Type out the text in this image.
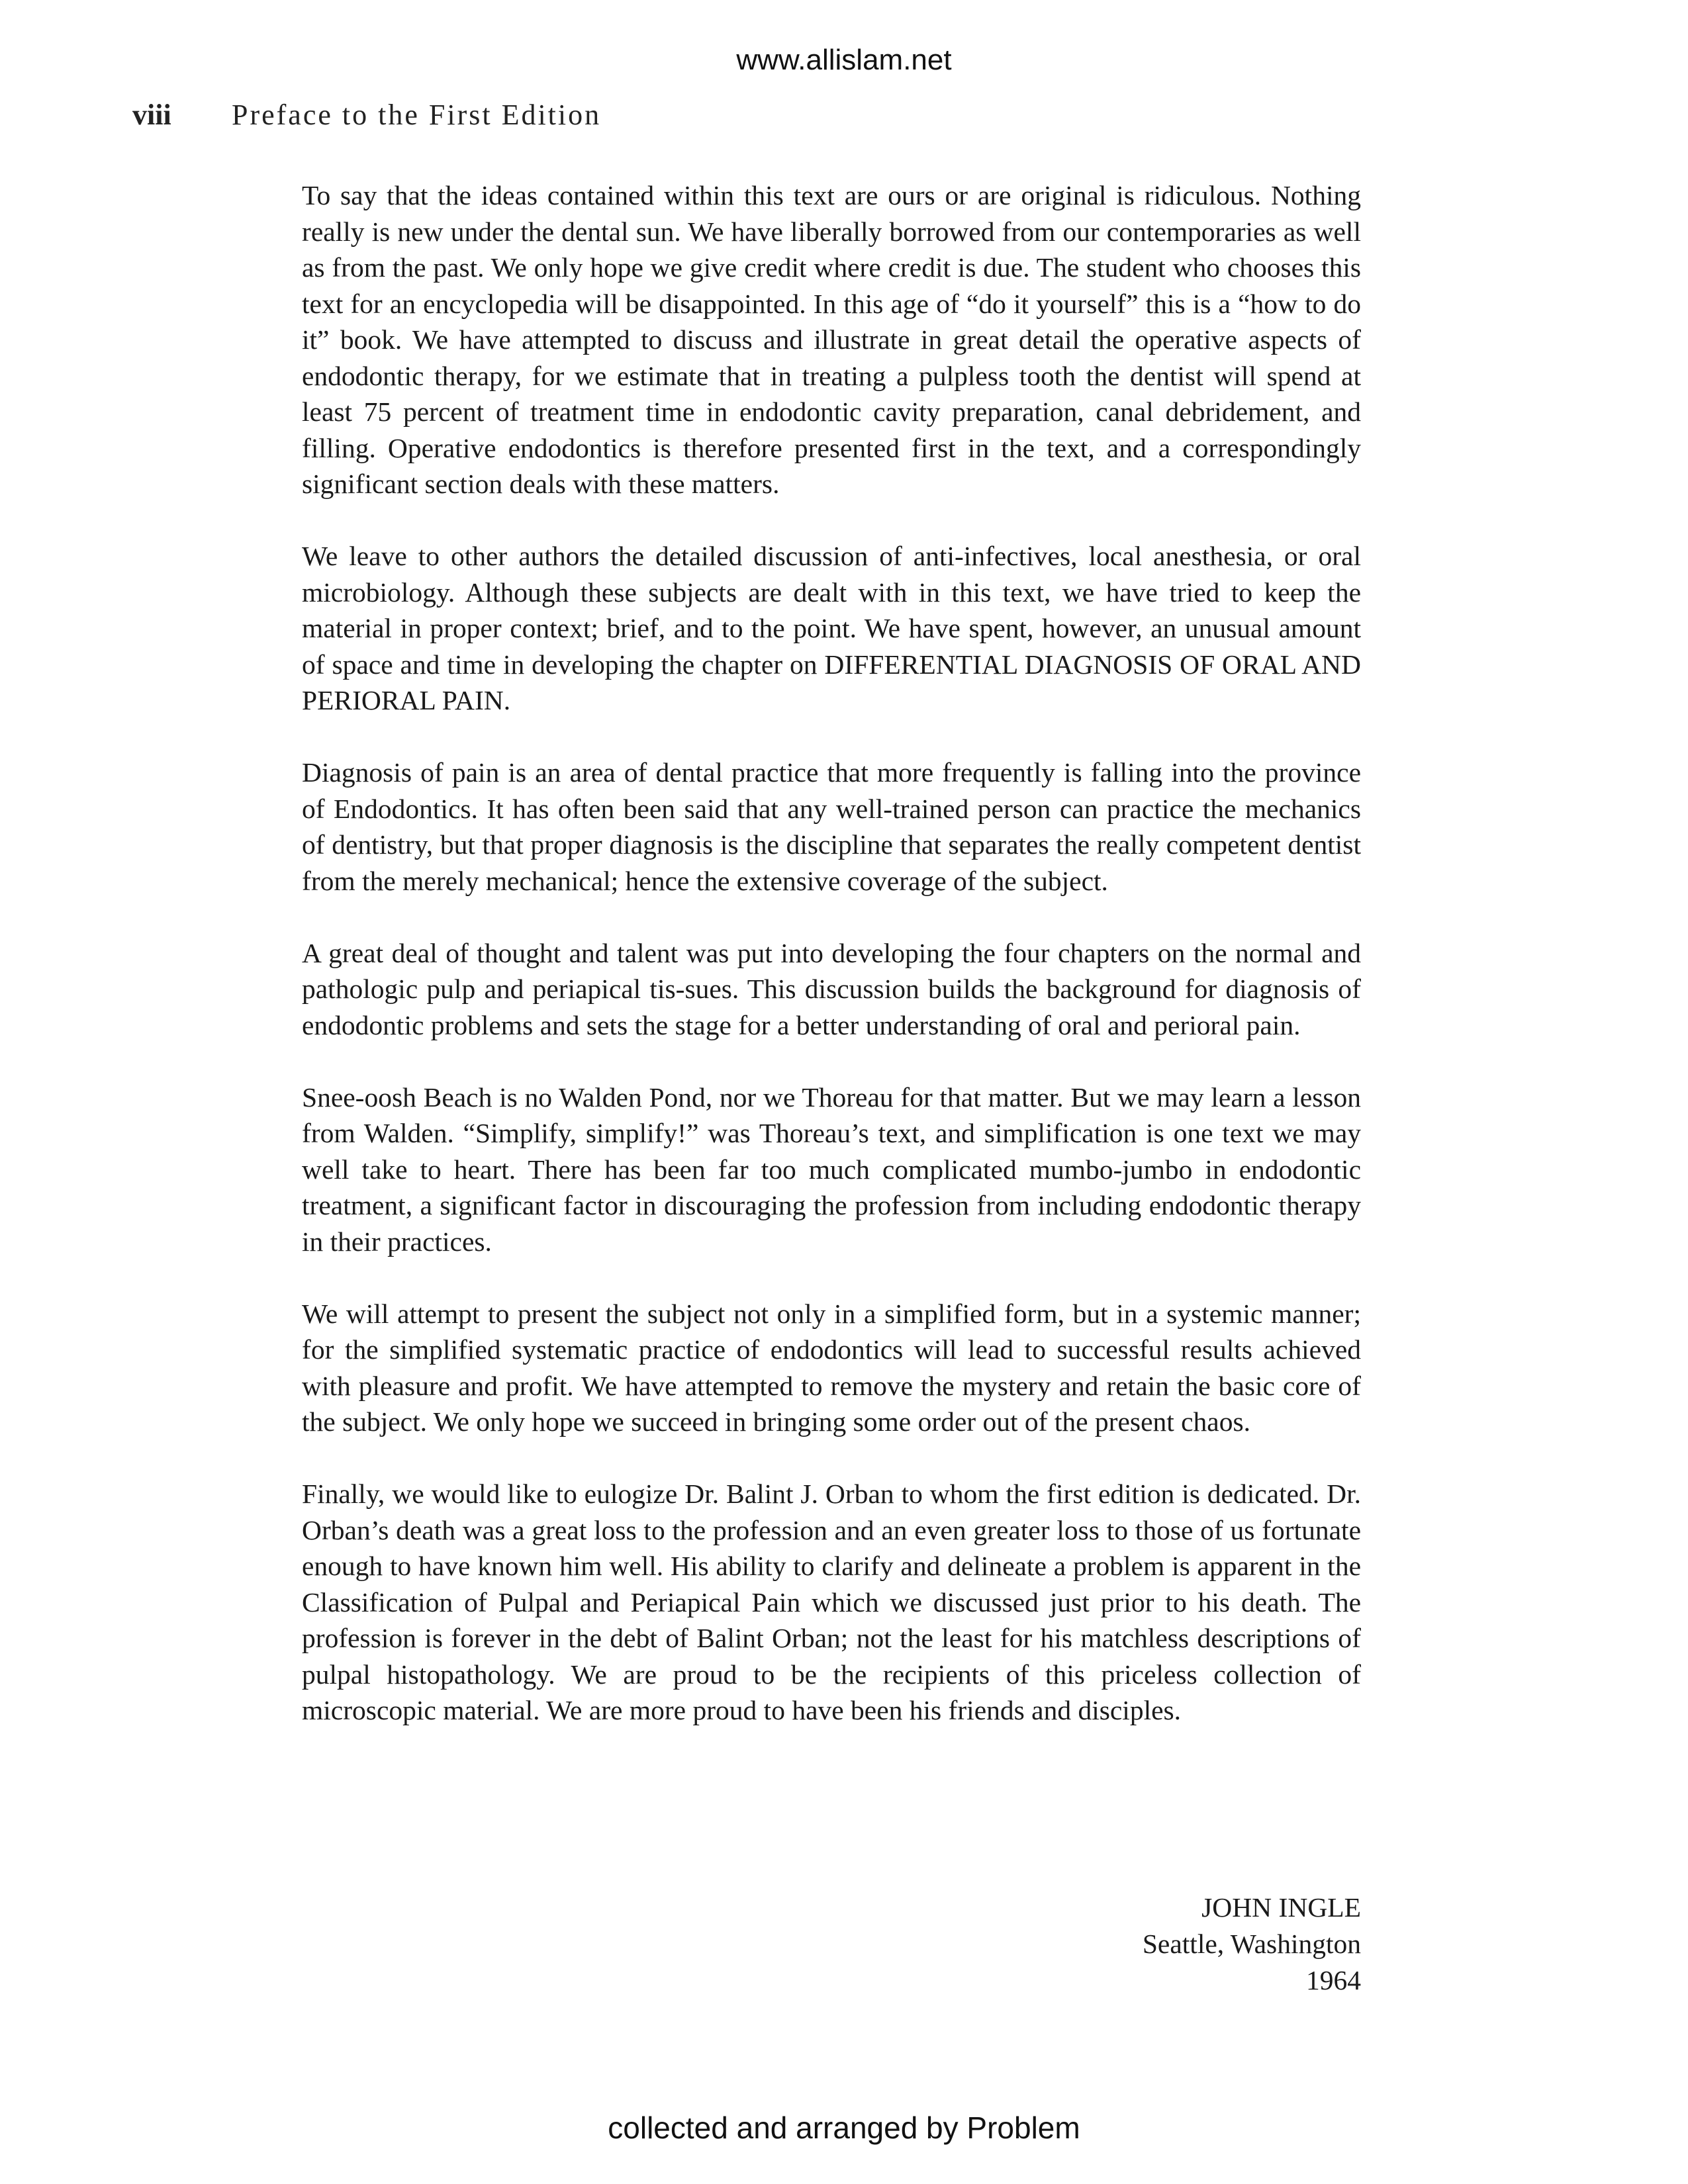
www.allislam.net
viii Preface to the First Edition

To say that the ideas contained within this text are ours or are original is ridiculous. Nothing really is new under the dental sun. We have liberally borrowed from our contemporaries as well as from the past. We only hope we give credit where credit is due. The student who chooses this text for an encyclopedia will be disappointed. In this age of “do it yourself” this is a “how to do it” book. We have attempted to discuss and illustrate in great detail the operative aspects of endodontic therapy, for we estimate that in treating a pulpless tooth the dentist will spend at least 75 percent of treatment time in endodontic cavity preparation, canal debridement, and filling. Operative endodontics is therefore presented first in the text, and a correspondingly significant section deals with these matters.

We leave to other authors the detailed discussion of anti-infectives, local anesthesia, or oral microbiology. Although these subjects are dealt with in this text, we have tried to keep the material in proper context; brief, and to the point. We have spent, however, an unusual amount of space and time in developing the chapter on DIFFERENTIAL DIAGNOSIS OF ORAL AND PERIORAL PAIN.

Diagnosis of pain is an area of dental practice that more frequently is falling into the province of Endodontics. It has often been said that any well-trained person can practice the mechanics of dentistry, but that proper diagnosis is the discipline that separates the really competent dentist from the merely mechanical; hence the extensive coverage of the subject.

A great deal of thought and talent was put into developing the four chapters on the normal and pathologic pulp and periapical tis-sues. This discussion builds the background for diagnosis of endodontic problems and sets the stage for a better understanding of oral and perioral pain.

Snee-oosh Beach is no Walden Pond, nor we Thoreau for that matter. But we may learn a lesson from Walden. “Simplify, simplify!” was Thoreau’s text, and simplification is one text we may well take to heart. There has been far too much complicated mumbo-jumbo in endodontic treatment, a significant factor in discouraging the profession from including endodontic therapy in their practices.

We will attempt to present the subject not only in a simplified form, but in a systemic manner; for the simplified systematic practice of endodontics will lead to successful results achieved with pleasure and profit. We have attempted to remove the mystery and retain the basic core of the subject. We only hope we succeed in bringing some order out of the present chaos.

Finally, we would like to eulogize Dr. Balint J. Orban to whom the first edition is dedicated. Dr. Orban’s death was a great loss to the profession and an even greater loss to those of us fortunate enough to have known him well. His ability to clarify and delineate a problem is apparent in the Classification of Pulpal and Periapical Pain which we discussed just prior to his death. The profession is forever in the debt of Balint Orban; not the least for his matchless descriptions of pulpal histopathology. We are proud to be the recipients of this priceless collection of microscopic material. We are more proud to have been his friends and disciples.

JOHN INGLE
Seattle, Washington
1964
collected and arranged by Problem
